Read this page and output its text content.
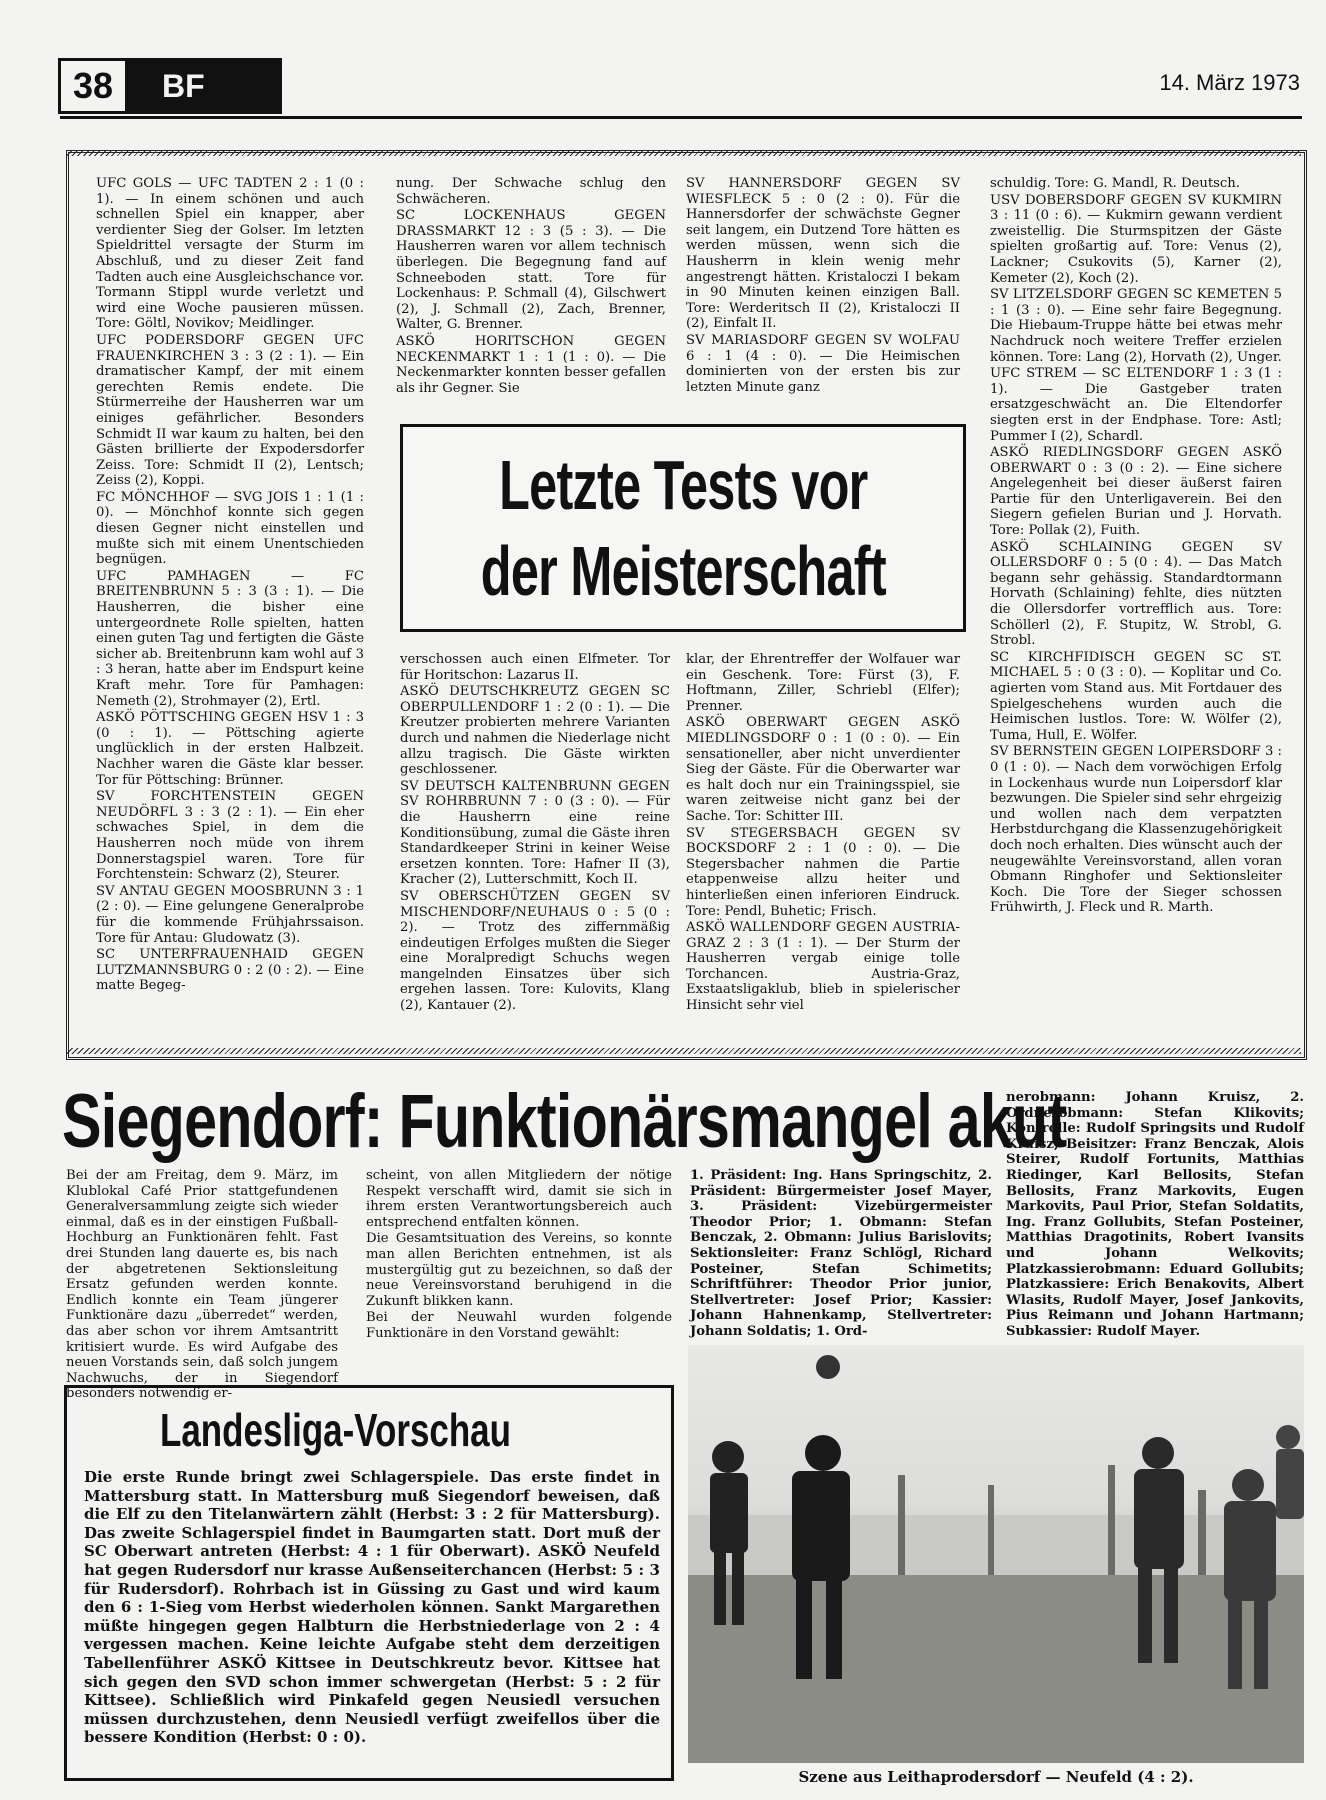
38	BF	14. März 1973

UFC GOLS — UFC TADTEN 2 : 1 (0 : 1). — In einem schönen und auch schnellen Spiel ein knapper, aber verdienter Sieg der Golser. Im letzten Spieldrittel versagte der Sturm im Abschluß, und zu dieser Zeit fand Tadten auch eine Ausgleichschance vor. Tormann Stippl wurde verletzt und wird eine Woche pausieren müssen. Tore: Göltl, Novikov; Meidlinger.

UFC PODERSDORF GEGEN UFC FRAUENKIRCHEN 3 : 3 (2 : 1). — Ein dramatischer Kampf, der mit einem gerechten Remis endete. Die Stürmerreihe der Hausherren war um einiges gefährlicher. Besonders Schmidt II war kaum zu halten, bei den Gästen brillierte der Expodersdorfer Zeiss. Tore: Schmidt II (2), Lentsch; Zeiss (2), Koppi.

FC MÖNCHHOF — SVG JOIS 1 : 1 (1 : 0). — Mönchhof konnte sich gegen diesen Gegner nicht einstellen und mußte sich mit einem Unentschieden begnügen.

UFC PAMHAGEN — FC BREITENBRUNN 5 : 3 (3 : 1). — Die Hausherren, die bisher eine untergeordnete Rolle spielten, hatten einen guten Tag und fertigten die Gäste sicher ab. Breitenbrunn kam wohl auf 3 : 3 heran, hatte aber im Endspurt keine Kraft mehr. Tore für Pamhagen: Nemeth (2), Strohmayer (2), Ertl.

ASKÖ PÖTTSCHING GEGEN HSV 1 : 3 (0 : 1). — Pöttsching agierte unglücklich in der ersten Halbzeit. Nachher waren die Gäste klar besser. Tor für Pöttsching: Brünner.

SV FORCHTENSTEIN GEGEN NEUDÖRFL 3 : 3 (2 : 1). — Ein eher schwaches Spiel, in dem die Hausherren noch müde von ihrem Donnerstagspiel waren. Tore für Forchtenstein: Schwarz (2), Steurer.

SV ANTAU GEGEN MOOSBRUNN 3 : 1 (2 : 0). — Eine gelungene Generalprobe für die kommende Frühjahrssaison. Tore für Antau: Gludowatz (3).

SC UNTERFRAUENHAID GEGEN LUTZMANNSBURG 0 : 2 (0 : 2). — Eine matte Begeg-

nung. Der Schwache schlug den Schwächeren.

SC LOCKENHAUS GEGEN DRASSMARKT 12 : 3 (5 : 3). — Die Hausherren waren vor allem technisch überlegen. Die Begegnung fand auf Schneeboden statt. Tore für Lockenhaus: P. Schmall (4), Gilschwert (2), J. Schmall (2), Zach, Brenner, Walter, G. Brenner.

ASKÖ HORITSCHON GEGEN NECKENMARKT 1 : 1 (1 : 0). — Die Neckenmarkter konnten besser gefallen als ihr Gegner. Sie

SV HANNERSDORF GEGEN SV WIESFLECK 5 : 0 (2 : 0). Für die Hannersdorfer der schwächste Gegner seit langem, ein Dutzend Tore hätten es werden müssen, wenn sich die Hausherrn in klein wenig mehr angestrengt hätten. Kristaloczi I bekam in 90 Minuten keinen einzigen Ball. Tore: Werderitsch II (2), Kristaloczi II (2), Einfalt II.

SV MARIASDORF GEGEN SV WOLFAU 6 : 1 (4 : 0). — Die Heimischen dominierten von der ersten bis zur letzten Minute ganz

Letzte Tests vor
der Meisterschaft

verschossen auch einen Elfmeter. Tor für Horitschon: Lazarus II.

ASKÖ DEUTSCHKREUTZ GEGEN SC OBERPULLENDORF 1 : 2 (0 : 1). — Die Kreutzer probierten mehrere Varianten durch und nahmen die Niederlage nicht allzu tragisch. Die Gäste wirkten geschlossener.

SV DEUTSCH KALTENBRUNN GEGEN SV ROHRBRUNN 7 : 0 (3 : 0). — Für die Hausherrn eine reine Konditionsübung, zumal die Gäste ihren Standardkeeper Strini in keiner Weise ersetzen konnten. Tore: Hafner II (3), Kracher (2), Lutterschmitt, Koch II.

SV OBERSCHÜTZEN GEGEN SV MISCHENDORF/NEUHAUS 0 : 5 (0 : 2). — Trotz des ziffernmäßig eindeutigen Erfolges mußten die Sieger eine Moralpredigt Schuchs wegen mangelnden Einsatzes über sich ergehen lassen. Tore: Kulovits, Klang (2), Kantauer (2).

klar, der Ehrentreffer der Wolfauer war ein Geschenk. Tore: Fürst (3), F. Hoftmann, Ziller, Schriebl (Elfer); Prenner.

ASKÖ OBERWART GEGEN ASKÖ MIEDLINGSDORF 0 : 1 (0 : 0). — Ein sensationeller, aber nicht unverdienter Sieg der Gäste. Für die Oberwarter war es halt doch nur ein Trainingsspiel, sie waren zeitweise nicht ganz bei der Sache. Tor: Schitter III.

SV STEGERSBACH GEGEN SV BOCKSDORF 2 : 1 (0 : 0). — Die Stegersbacher nahmen die Partie etappenweise allzu heiter und hinterließen einen inferioren Eindruck. Tore: Pendl, Buhetic; Frisch.

ASKÖ WALLENDORF GEGEN AUSTRIA-GRAZ 2 : 3 (1 : 1). — Der Sturm der Hausherren vergab einige tolle Torchancen. Austria-Graz, Exstaatsligaklub, blieb in spielerischer Hinsicht sehr viel

schuldig. Tore: G. Mandl, R. Deutsch.

USV DOBERSDORF GEGEN SV KUKMIRN 3 : 11 (0 : 6). — Kukmirn gewann verdient zweistellig. Die Sturmspitzen der Gäste spielten großartig auf. Tore: Venus (2), Lackner; Csukovits (5), Karner (2), Kemeter (2), Koch (2).

SV LITZELSDORF GEGEN SC KEMETEN 5 : 1 (3 : 0). — Eine sehr faire Begegnung. Die Hiebaum-Truppe hätte bei etwas mehr Nachdruck noch weitere Treffer erzielen können. Tore: Lang (2), Horvath (2), Unger.

UFC STREM — SC ELTENDORF 1 : 3 (1 : 1). — Die Gastgeber traten ersatzgeschwächt an. Die Eltendorfer siegten erst in der Endphase. Tore: Astl; Pummer I (2), Schardl.

ASKÖ RIEDLINGSDORF GEGEN ASKÖ OBERWART 0 : 3 (0 : 2). — Eine sichere Angelegenheit bei dieser äußerst fairen Partie für den Unterligaverein. Bei den Siegern gefielen Burian und J. Horvath. Tore: Pollak (2), Fuith.

ASKÖ SCHLAINING GEGEN SV OLLERSDORF 0 : 5 (0 : 4). — Das Match begann sehr gehässig. Standardtormann Horvath (Schlaining) fehlte, dies nützten die Ollersdorfer vortrefflich aus. Tore: Schöllerl (2), F. Stupitz, W. Strobl, G. Strobl.

SC KIRCHFIDISCH GEGEN SC ST. MICHAEL 5 : 0 (3 : 0). — Koplitar und Co. agierten vom Stand aus. Mit Fortdauer des Spielgeschehens wurden auch die Heimischen lustlos. Tore: W. Wölfer (2), Tuma, Hull, E. Wölfer.

SV BERNSTEIN GEGEN LOIPERSDORF 3 : 0 (1 : 0). — Nach dem vorwöchigen Erfolg in Lockenhaus wurde nun Loipersdorf klar bezwungen. Die Spieler sind sehr ehrgeizig und wollen nach dem verpatzten Herbstdurchgang die Klassenzugehörigkeit doch noch erhalten. Dies wünscht auch der neugewählte Vereinsvorstand, allen voran Obmann Ringhofer und Sektionsleiter Koch. Die Tore der Sieger schossen Frühwirth, J. Fleck und R. Marth.

Siegendorf: Funktionärsmangel akut

Bei der am Freitag, dem 9. März, im Klublokal Café Prior stattgefundenen Generalversammlung zeigte sich wieder einmal, daß es in der einstigen Fußball-Hochburg an Funktionären fehlt. Fast drei Stunden lang dauerte es, bis nach der abgetretenen Sektionsleitung Ersatz gefunden werden konnte. Endlich konnte ein Team jüngerer Funktionäre dazu „überredet“ werden, das aber schon vor ihrem Amtsantritt kritisiert wurde. Es wird Aufgabe des neuen Vorstands sein, daß solch jungem Nachwuchs, der in Siegendorf besonders notwendig er-

scheint, von allen Mitgliedern der nötige Respekt verschafft wird, damit sie sich in ihrem ersten Verantwortungsbereich auch entsprechend entfalten können.

Die Gesamtsituation des Vereins, so konnte man allen Berichten entnehmen, ist als mustergültig gut zu bezeichnen, so daß der neue Vereinsvorstand beruhigend in die Zukunft blikken kann.

Bei der Neuwahl wurden folgende Funktionäre in den Vorstand gewählt:

1. Präsident: Ing. Hans Springschitz, 2. Präsident: Bürgermeister Josef Mayer, 3. Präsident: Vizebürgermeister Theodor Prior; 1. Obmann: Stefan Benczak, 2. Obmann: Julius Barislovits; Sektionsleiter: Franz Schlögl, Richard Posteiner, Stefan Schimetits; Schriftführer: Theodor Prior junior, Stellvertreter: Josef Prior; Kassier: Johann Hahnenkamp, Stellvertreter: Johann Soldatis; 1. Ord-

nerobmann: Johann Kruisz, 2. Ordnerobmann: Stefan Klikovits; Kontrolle: Rudolf Springsits und Rudolf Kruisz; Beisitzer: Franz Benczak, Alois Steirer, Rudolf Fortunits, Matthias Riedinger, Karl Bellosits, Stefan Bellosits, Franz Markovits, Eugen Markovits, Paul Prior, Stefan Soldatits, Ing. Franz Gollubits, Stefan Posteiner, Matthias Dragotinits, Robert Ivansits und Johann Welkovits; Platzkassierobmann: Eduard Gollubits; Platzkassiere: Erich Benakovits, Albert Wlasits, Rudolf Mayer, Josef Jankovits, Pius Reimann und Johann Hartmann; Subkassier: Rudolf Mayer.

Landesliga-Vorschau
Die erste Runde bringt zwei Schlagerspiele. Das erste findet in Mattersburg statt. In Mattersburg muß Siegendorf beweisen, daß die Elf zu den Titelanwärtern zählt (Herbst: 3 : 2 für Mattersburg). Das zweite Schlagerspiel findet in Baumgarten statt. Dort muß der SC Oberwart antreten (Herbst: 4 : 1 für Oberwart). ASKÖ Neufeld hat gegen Rudersdorf nur krasse Außenseiterchancen (Herbst: 5 : 3 für Rudersdorf). Rohrbach ist in Güssing zu Gast und wird kaum den 6 : 1-Sieg vom Herbst wiederholen können. Sankt Margarethen müßte hingegen gegen Halbturn die Herbstniederlage von 2 : 4 vergessen machen. Keine leichte Aufgabe steht dem derzeitigen Tabellenführer ASKÖ Kittsee in Deutschkreutz bevor. Kittsee hat sich gegen den SVD schon immer schwergetan (Herbst: 5 : 2 für Kittsee). Schließlich wird Pinkafeld gegen Neusiedl versuchen müssen durchzustehen, denn Neusiedl verfügt zweifellos über die bessere Kondition (Herbst: 0 : 0).
Szene aus Leithaprodersdorf — Neufeld (4 : 2).
